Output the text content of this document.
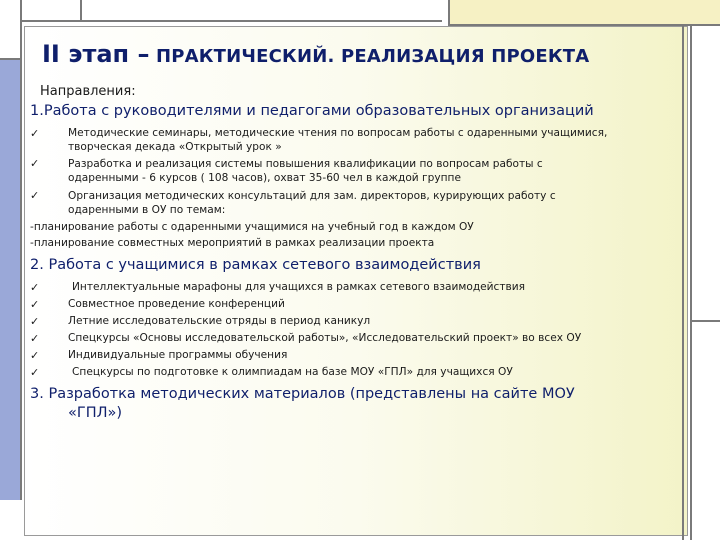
II этап – ПРАКТИЧЕСКИЙ. РЕАЛИЗАЦИЯ ПРОЕКТА
Направления:
1.Работа с руководителями и педагогами образовательных организаций
✓	Методические семинары, методические чтения по вопросам работы с одаренными учащимися,
творческая декада «Открытый урок »
✓	Разработка и реализация системы повышения квалификации по вопросам работы с
одаренными - 6 курсов ( 108 часов), охват 35-60 чел в каждой группе
✓	Организация методических консультаций для зам. директоров, курирующих работу с
одаренными в ОУ по темам:
-планирование работы с одаренными учащимися на учебный год в каждом ОУ
-планирование совместных мероприятий в рамках реализации проекта
2. Работа с учащимися в рамках сетевого взаимодействия
✓	Интеллектуальные марафоны для учащихся в рамках сетевого взаимодействия
✓	Совместное проведение конференций
✓	Летние исследовательские отряды в период каникул
✓	Спецкурсы «Основы исследовательской работы», «Исследовательский проект» во всех ОУ
✓	Индивидуальные программы обучения
✓	Спецкурсы по подготовке к олимпиадам на базе МОУ «ГПЛ» для учащихся ОУ
3. Разработка методических материалов (представлены на сайте МОУ
«ГПЛ»)
